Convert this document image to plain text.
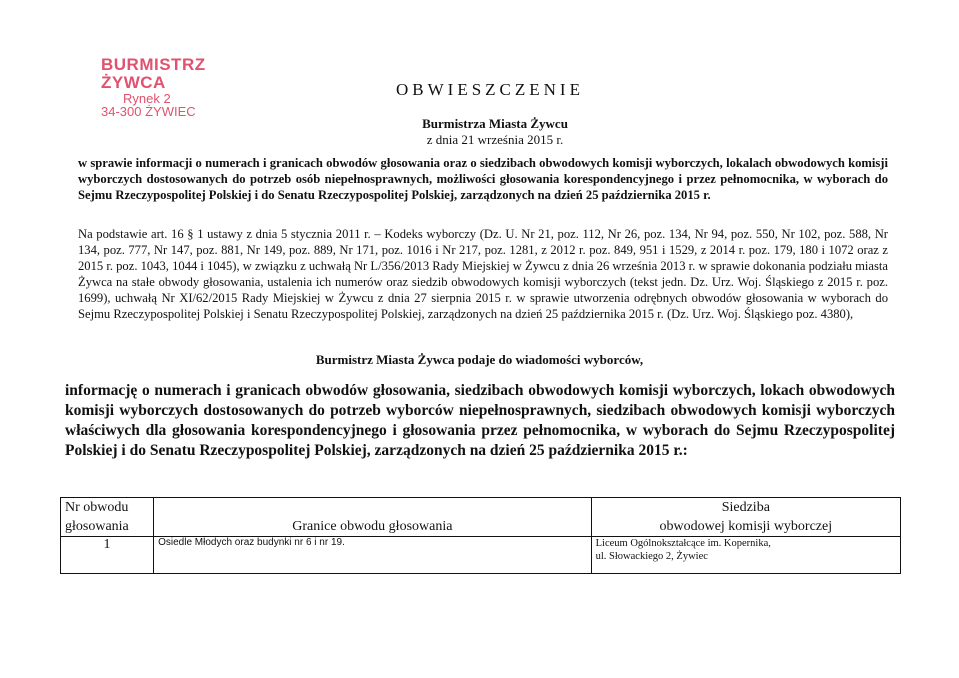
BURMISTRZ ŻYWCA
Rynek 2
34-300 ŻYWIEC
OBWIESZCZENIE
Burmistrza Miasta Żywcu
z dnia 21 września 2015 r.
w sprawie informacji o numerach i granicach obwodów głosowania oraz o siedzibach obwodowych komisji wyborczych, lokalach obwodowych komisji wyborczych dostosowanych do potrzeb osób niepełnosprawnych, możliwości głosowania korespondencyjnego i przez pełnomocnika, w wyborach do Sejmu Rzeczypospolitej Polskiej i do Senatu Rzeczypospolitej Polskiej, zarządzonych na dzień 25 października 2015 r.

Na podstawie art. 16 § 1 ustawy z dnia 5 stycznia 2011 r. – Kodeks wyborczy (Dz. U. Nr 21, poz. 112, Nr 26, poz. 134, Nr 94, poz. 550, Nr 102, poz. 588, Nr 134, poz. 777, Nr 147, poz. 881, Nr 149, poz. 889, Nr 171, poz. 1016 i Nr 217, poz. 1281, z 2012 r. poz. 849, 951 i 1529, z 2014 r. poz. 179, 180 i 1072 oraz z 2015 r. poz. 1043, 1044 i 1045), w związku z uchwałą Nr L/356/2013 Rady Miejskiej w Żywcu z dnia 26 września 2013 r. w sprawie dokonania podziału miasta Żywca na stałe obwody głosowania, ustalenia ich numerów oraz siedzib obwodowych komisji wyborczych (tekst jedn. Dz. Urz. Woj. Śląskiego z 2015 r. poz. 1699), uchwałą Nr XI/62/2015 Rady Miejskiej w Żywcu z dnia 27 sierpnia 2015 r. w sprawie utworzenia odrębnych obwodów głosowania w wyborach do Sejmu Rzeczypospolitej Polskiej i Senatu Rzeczypospolitej Polskiej, zarządzonych na dzień 25 października 2015 r. (Dz. Urz. Woj. Śląskiego poz. 4380),

Burmistrz Miasta Żywca podaje do wiadomości wyborców,
informację o numerach i granicach obwodów głosowania, siedzibach obwodowych komisji wyborczych, lokach obwodowych komisji wyborczych dostosowanych do potrzeb wyborców niepełnosprawnych, siedzibach obwodowych komisji wyborczych właściwych dla głosowania korespondencyjnego i głosowania przez pełnomocnika, w wyborach do Sejmu Rzeczypospolitej Polskiej i do Senatu Rzeczypospolitej Polskiej, zarządzonych na dzień 25 października 2015 r.:
Nr obwodu
głosowania	Granice obwodu głosowania	Siedziba
obwodowej komisji wyborczej

1	Osiedle Młodych oraz budynki nr 6 i nr 19.	Liceum Ogólnokształcące im. Kopernika,
ul. Słowackiego 2, Żywiec
